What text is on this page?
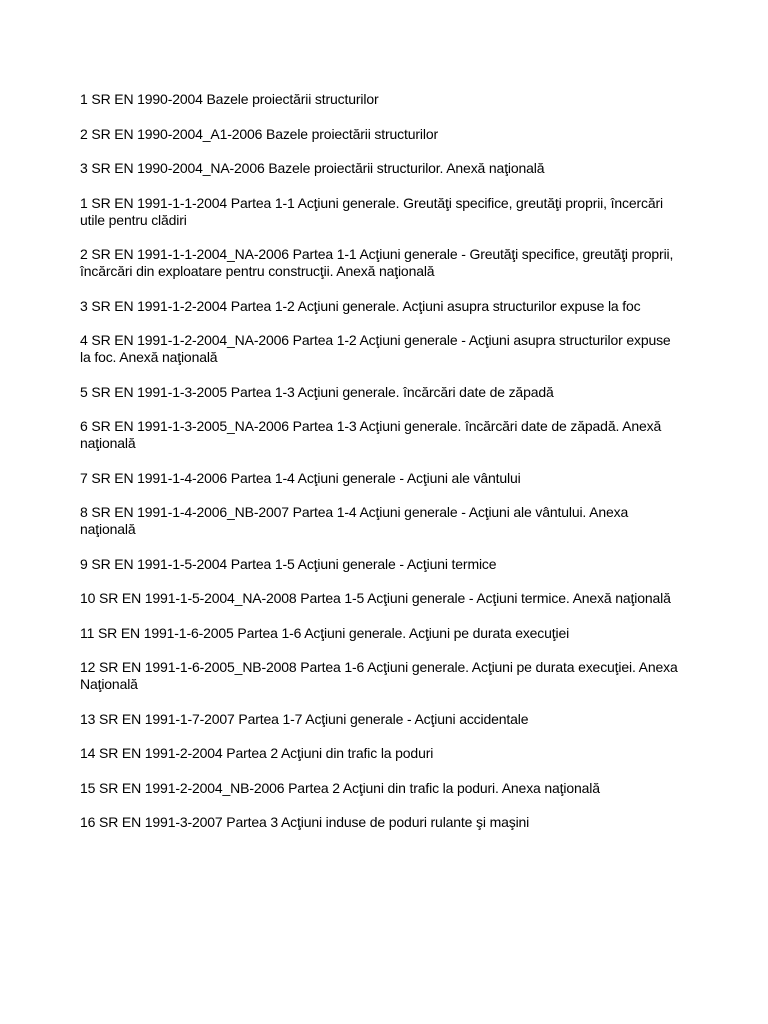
1 SR EN 1990-2004 Bazele proiectării structurilor

2 SR EN 1990-2004_A1-2006 Bazele proiectării structurilor

3 SR EN 1990-2004_NA-2006 Bazele proiectării structurilor. Anexă naţională

1 SR EN 1991-1-1-2004 Partea 1-1 Acţiuni generale. Greutăţi specifice, greutăţi proprii, încercări utile pentru clădiri

2 SR EN 1991-1-1-2004_NA-2006 Partea 1-1 Acţiuni generale - Greutăţi specifice, greutăţi proprii, încărcări din exploatare pentru construcţii. Anexă naţională

3 SR EN 1991-1-2-2004 Partea 1-2 Acţiuni generale. Acţiuni asupra structurilor expuse la foc

4 SR EN 1991-1-2-2004_NA-2006 Partea 1-2 Acţiuni generale - Acţiuni asupra structurilor expuse la foc. Anexă naţională

5 SR EN 1991-1-3-2005 Partea 1-3 Acţiuni generale. încărcări date de zăpadă

6 SR EN 1991-1-3-2005_NA-2006 Partea 1-3 Acţiuni generale. încărcări date de zăpadă. Anexă naţională

7 SR EN 1991-1-4-2006 Partea 1-4 Acţiuni generale - Acţiuni ale vântului

8 SR EN 1991-1-4-2006_NB-2007 Partea 1-4 Acţiuni generale - Acţiuni ale vântului. Anexa naţională

9 SR EN 1991-1-5-2004 Partea 1-5 Acţiuni generale - Acţiuni termice

10 SR EN 1991-1-5-2004_NA-2008 Partea 1-5 Acţiuni generale - Acţiuni termice. Anexă naţională

11 SR EN 1991-1-6-2005 Partea 1-6 Acţiuni generale. Acţiuni pe durata execuţiei

12 SR EN 1991-1-6-2005_NB-2008 Partea 1-6 Acţiuni generale. Acţiuni pe durata execuţiei. Anexa Naţională

13 SR EN 1991-1-7-2007 Partea 1-7 Acţiuni generale - Acţiuni accidentale

14 SR EN 1991-2-2004 Partea 2 Acţiuni din trafic la poduri

15 SR EN 1991-2-2004_NB-2006 Partea 2 Acţiuni din trafic la poduri. Anexa naţională

16 SR EN 1991-3-2007 Partea 3 Acţiuni induse de poduri rulante şi maşini
